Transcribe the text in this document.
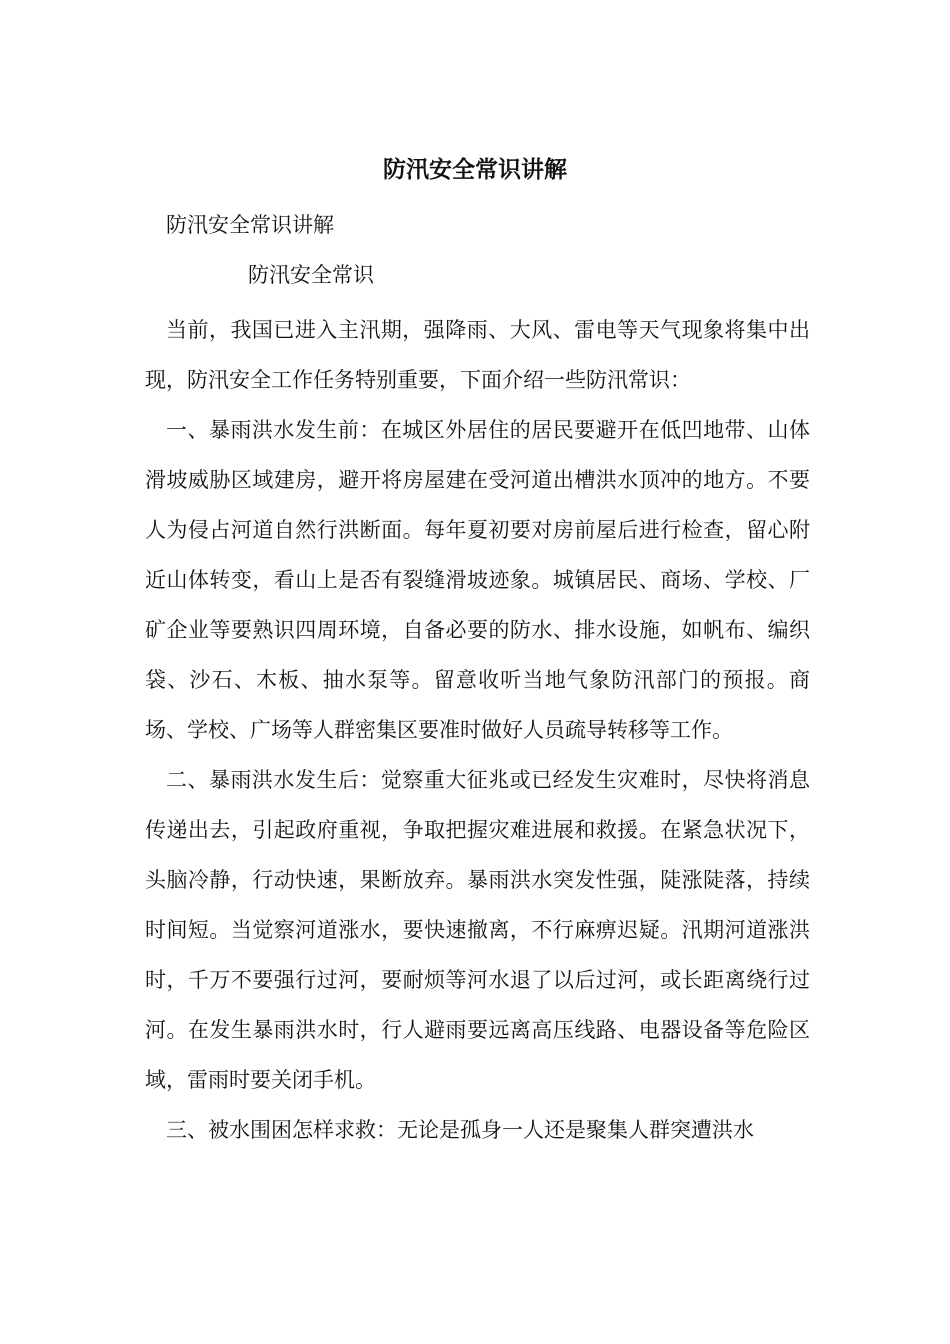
防汛安全常识讲解
防汛安全常识讲解
防汛安全常识

当前，我国已进入主汛期，强降雨、大风、雷电等天气现象将集中出现，防汛安全工作任务特别重要，下面介绍一些防汛常识：

一、暴雨洪水发生前：在城区外居住的居民要避开在低凹地带、山体滑坡威胁区域建房，避开将房屋建在受河道出槽洪水顶冲的地方。不要人为侵占河道自然行洪断面。每年夏初要对房前屋后进行检查，留心附近山体转变，看山上是否有裂缝滑坡迹象。城镇居民、商场、学校、厂矿企业等要熟识四周环境，自备必要的防水、排水设施，如帆布、编织袋、沙石、木板、抽水泵等。留意收听当地气象防汛部门的预报。商场、学校、广场等人群密集区要准时做好人员疏导转移等工作。

二、暴雨洪水发生后：觉察重大征兆或已经发生灾难时，尽快将消息传递出去，引起政府重视，争取把握灾难进展和救援。在紧急状况下，头脑冷静，行动快速，果断放弃。暴雨洪水突发性强，陡涨陡落，持续时间短。当觉察河道涨水，要快速撤离，不行麻痹迟疑。汛期河道涨洪时，千万不要强行过河，要耐烦等河水退了以后过河，或长距离绕行过河。在发生暴雨洪水时，行人避雨要远离高压线路、电器设备等危险区域，雷雨时要关闭手机。

三、被水围困怎样求救：无论是孤身一人还是聚集人群突遭洪水
